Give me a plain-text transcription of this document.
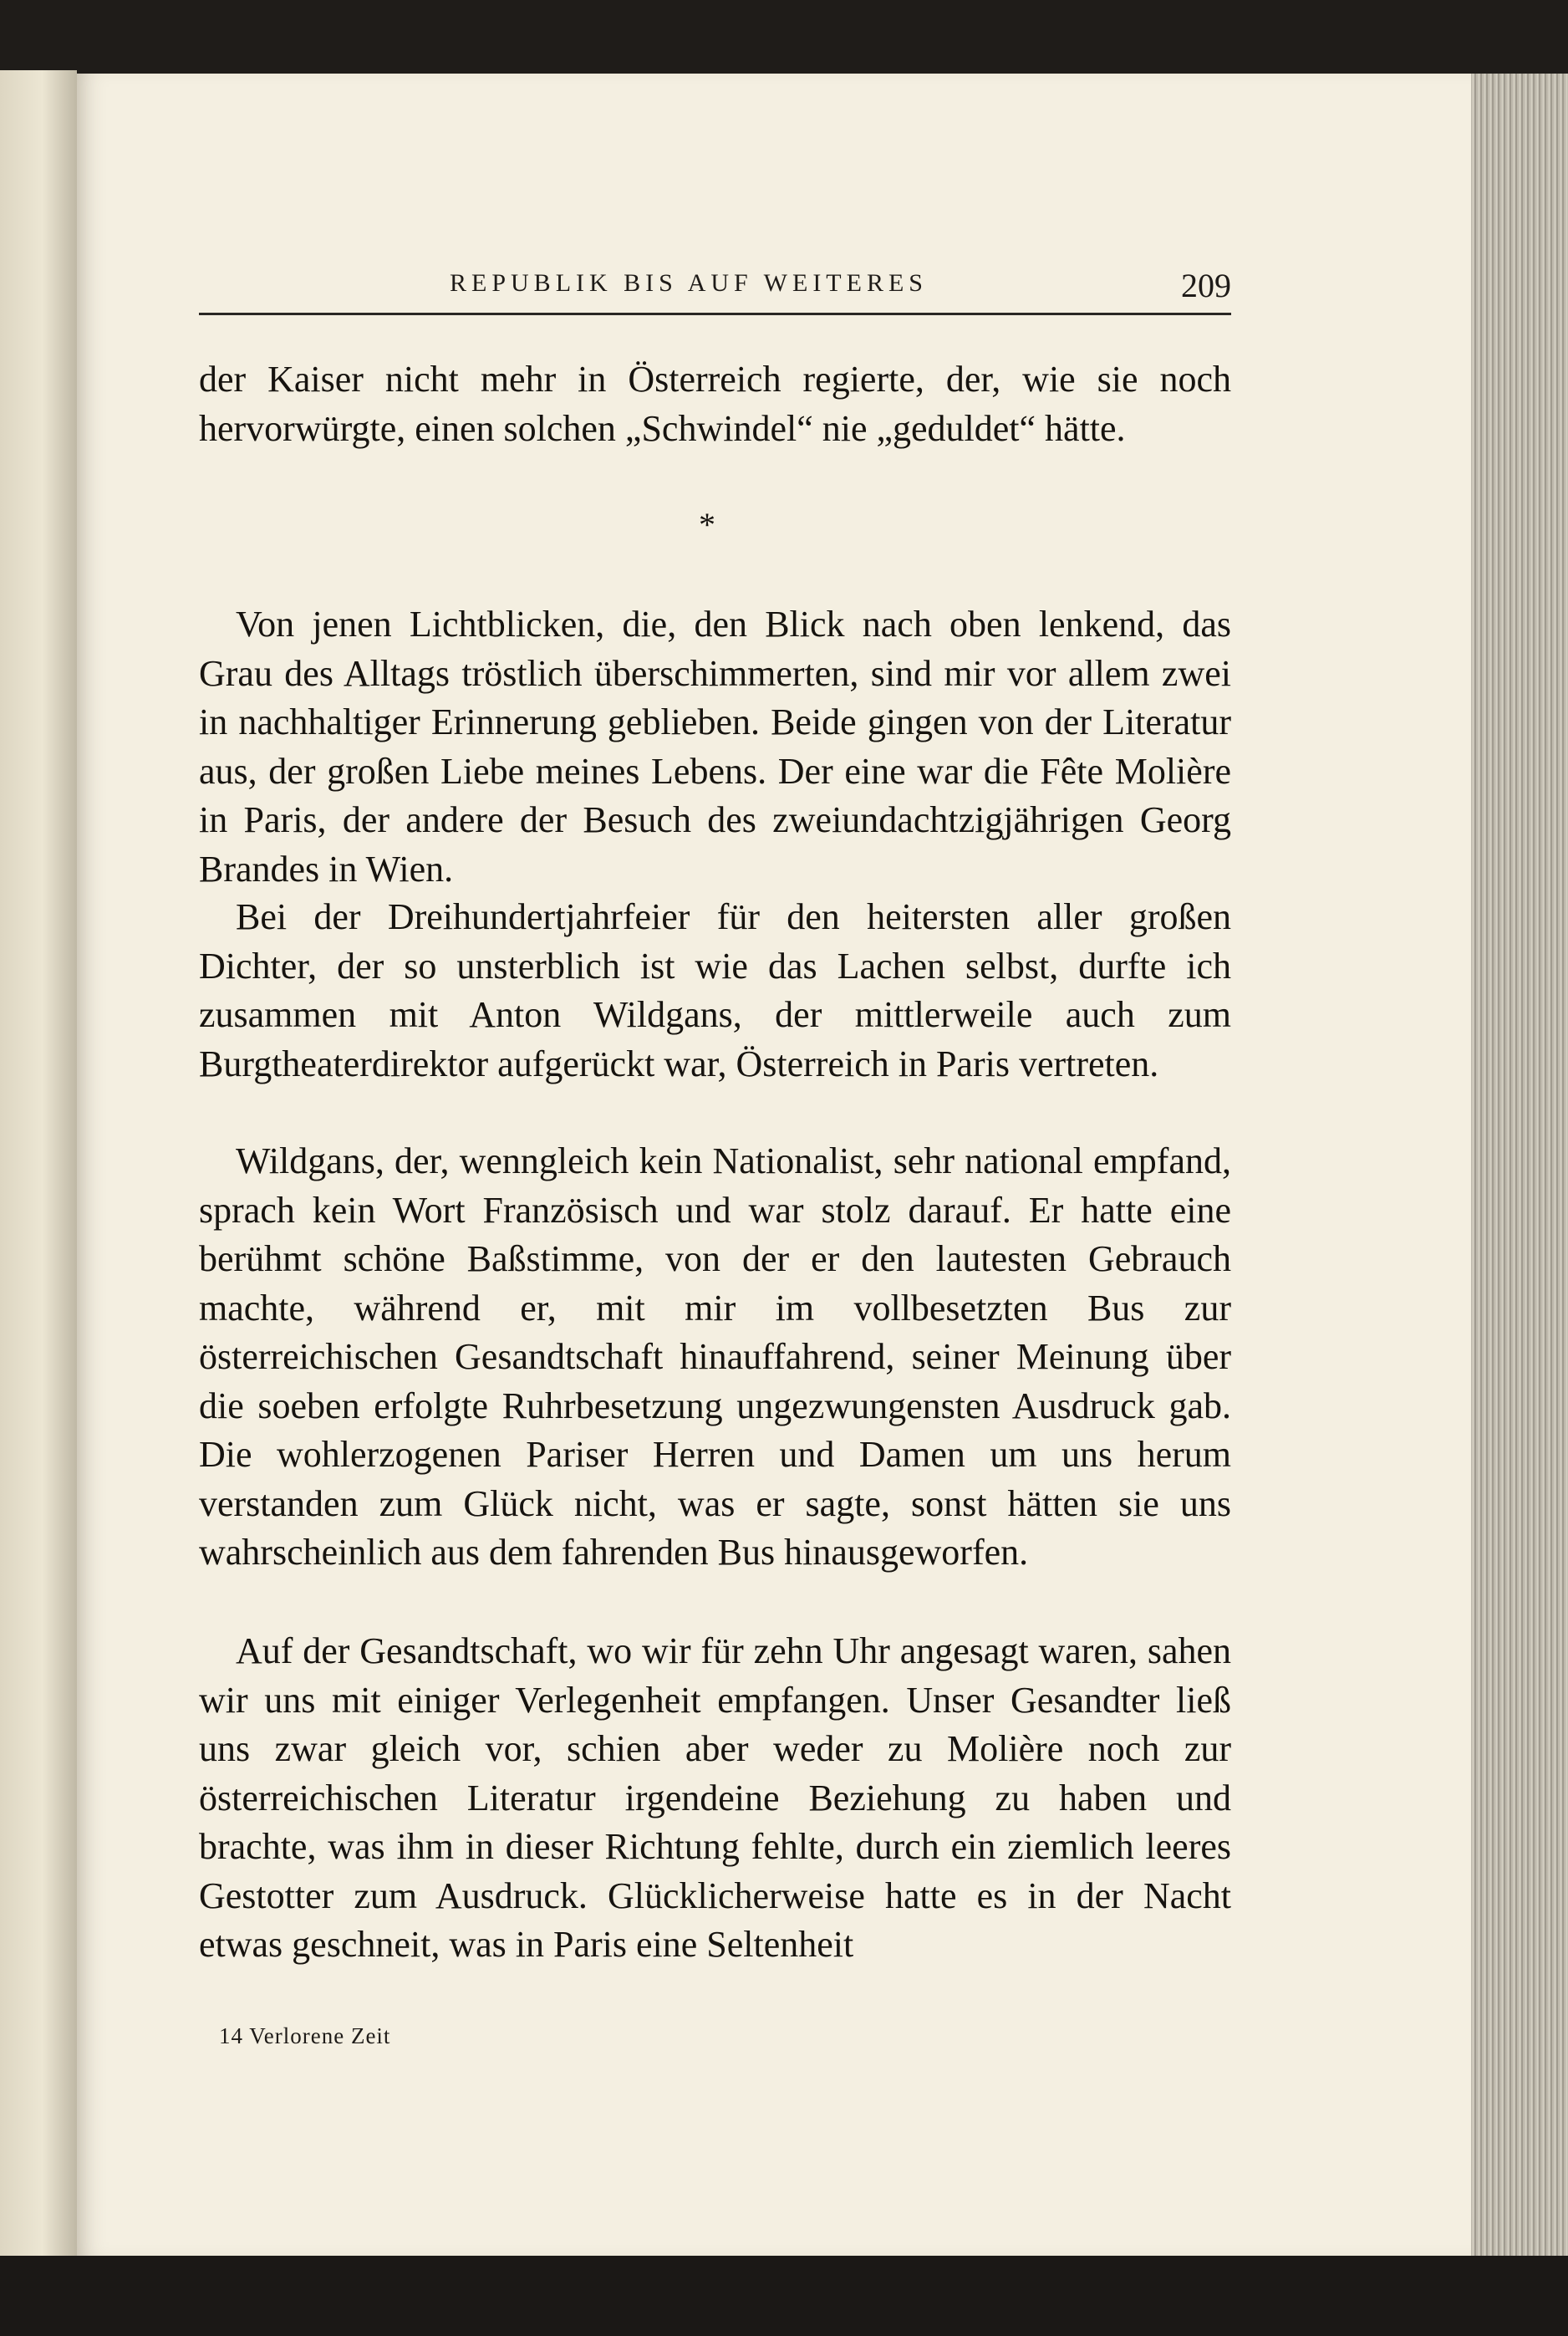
REPUBLIK BIS AUF WEITERES	209

der Kaiser nicht mehr in Österreich regierte, der, wie sie noch hervorwürgte, einen solchen „Schwindel“ nie „geduldet“ hätte.

*

Von jenen Lichtblicken, die, den Blick nach oben lenkend, das Grau des Alltags tröstlich überschimmerten, sind mir vor allem zwei in nachhaltiger Erinnerung geblieben. Beide gingen von der Literatur aus, der großen Liebe meines Lebens. Der eine war die Fête Molière in Paris, der andere der Besuch des zweiundachtzigjährigen Georg Brandes in Wien.

Bei der Dreihundertjahrfeier für den heitersten aller großen Dichter, der so unsterblich ist wie das Lachen selbst, durfte ich zusammen mit Anton Wildgans, der mittlerweile auch zum Burgtheaterdirektor aufgerückt war, Österreich in Paris vertreten.

Wildgans, der, wenngleich kein Nationalist, sehr national empfand, sprach kein Wort Französisch und war stolz darauf. Er hatte eine berühmt schöne Baßstimme, von der er den lautesten Gebrauch machte, während er, mit mir im vollbesetzten Bus zur österreichischen Gesandtschaft hinauffahrend, seiner Meinung über die soeben erfolgte Ruhrbesetzung ungezwungensten Ausdruck gab. Die wohlerzogenen Pariser Herren und Damen um uns herum verstanden zum Glück nicht, was er sagte, sonst hätten sie uns wahrscheinlich aus dem fahrenden Bus hinausgeworfen.

Auf der Gesandtschaft, wo wir für zehn Uhr angesagt waren, sahen wir uns mit einiger Verlegenheit empfangen. Unser Gesandter ließ uns zwar gleich vor, schien aber weder zu Molière noch zur österreichischen Literatur irgendeine Beziehung zu haben und brachte, was ihm in dieser Richtung fehlte, durch ein ziemlich leeres Gestotter zum Ausdruck. Glücklicherweise hatte es in der Nacht etwas geschneit, was in Paris eine Seltenheit

14 Verlorene Zeit
